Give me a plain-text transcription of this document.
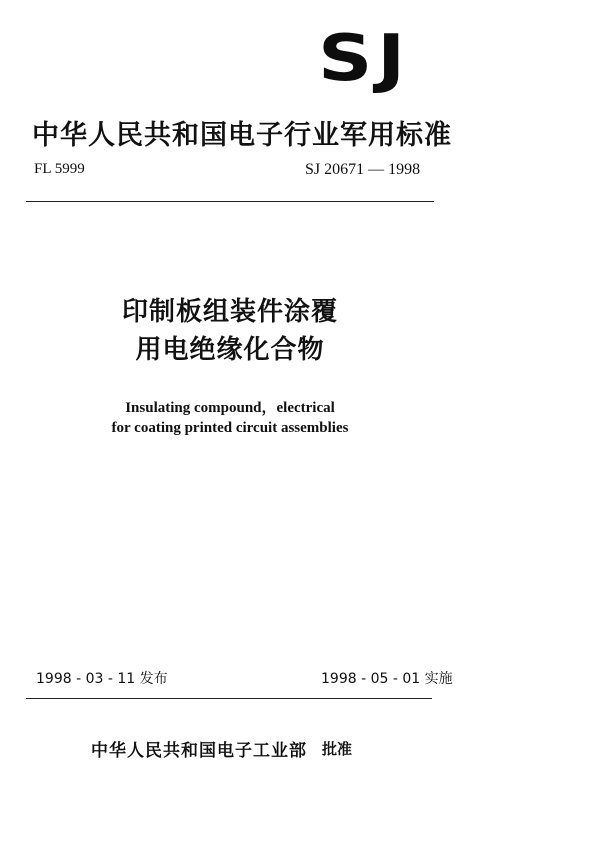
SJ
中华人民共和国电子行业军用标准
FL 5999	SJ 20671 — 1998
印制板组装件涂覆
用电绝缘化合物
Insulating compound，electrical
for coating printed circuit assemblies
1998 - 03 - 11 发布	1998 - 05 - 01 实施
中华人民共和国电子工业部 批准
